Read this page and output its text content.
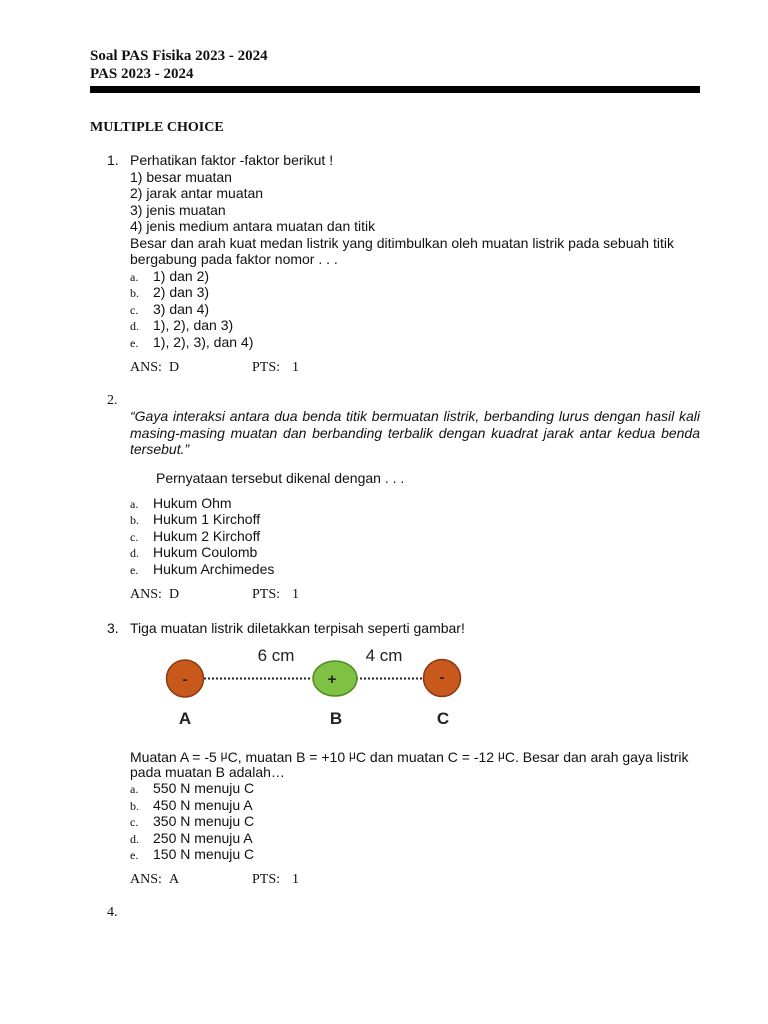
Soal PAS Fisika 2023 - 2024
PAS 2023 - 2024
MULTIPLE CHOICE
1. Perhatikan faktor -faktor berikut !
1) besar muatan
2) jarak antar muatan
3) jenis muatan
4) jenis medium antara muatan dan titik
Besar dan arah kuat medan listrik yang ditimbulkan oleh muatan listrik pada sebuah titik
bergabung pada faktor nomor . . .
a. 1) dan 2)
b. 2) dan 3)
c. 3) dan 4)
d. 1), 2), dan 3)
e. 1), 2), 3), dan 4)
ANS: D	PTS: 1
2.
“Gaya interaksi antara dua benda titik bermuatan listrik, berbanding lurus dengan hasil kali masing-masing muatan dan berbanding terbalik dengan kuadrat jarak antar kedua benda tersebut.”
Pernyataan tersebut dikenal dengan . . .
a. Hukum Ohm
b. Hukum 1 Kirchoff
c. Hukum 2 Kirchoff
d. Hukum Coulomb
e. Hukum Archimedes
ANS: D	PTS: 1
3. Tiga muatan listrik diletakkan terpisah seperti gambar!
-	+	-
6 cm	4 cm
A	B	C
Muatan A = -5 μC, muatan B = +10 μC dan muatan C = -12 μC. Besar dan arah gaya listrik
pada muatan B adalah…
a. 550 N menuju C
b. 450 N menuju A
c. 350 N menuju C
d. 250 N menuju A
e. 150 N menuju C
ANS: A	PTS: 1
4.
